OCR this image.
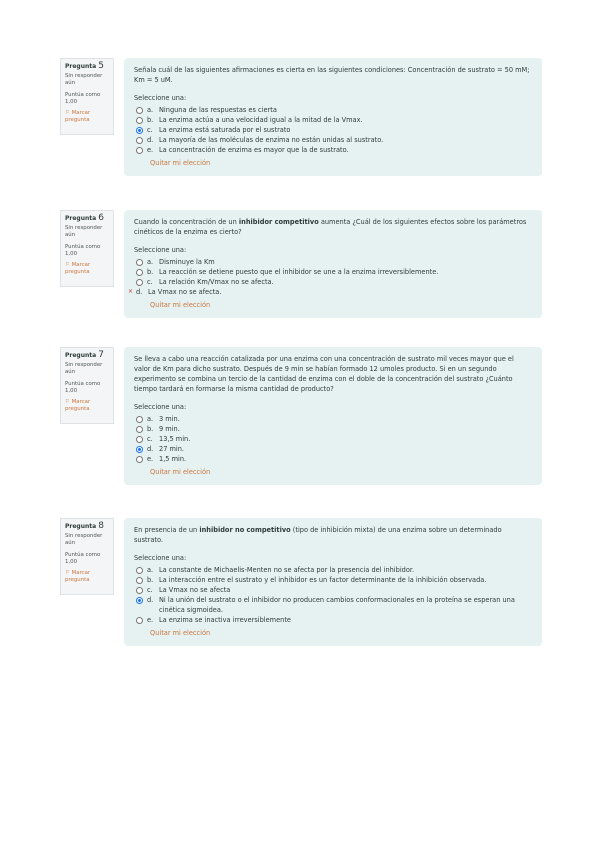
Pregunta 5
Sin responder aún
Puntúa como 1,00
⚐ Marcar pregunta
Señala cuál de las siguientes afirmaciones es cierta en las siguientes condiciones: Concentración de sustrato = 50 mM; Km = 5 uM.
Seleccione una:
a. Ninguna de las respuestas es cierta
b. La enzima actúa a una velocidad igual a la mitad de la Vmax.
c. La enzima está saturada por el sustrato
d. La mayoría de las moléculas de enzima no están unidas al sustrato.
e. La concentración de enzima es mayor que la de sustrato.
Quitar mi elección
Pregunta 6
Sin responder aún
Puntúa como 1,00
⚐ Marcar pregunta
Cuando la concentración de un inhibidor competitivo aumenta ¿Cuál de los siguientes efectos sobre los parámetros cinéticos de la enzima es cierto?
Seleccione una:
a. Disminuye la Km
b. La reacción se detiene puesto que el inhibidor se une a la enzima irreversiblemente.
c. La relación Km/Vmax no se afecta.
× d. La Vmax no se afecta.
Quitar mi elección
Pregunta 7
Sin responder aún
Puntúa como 1,00
⚐ Marcar pregunta
Se lleva a cabo una reacción catalizada por una enzima con una concentración de sustrato mil veces mayor que el valor de Km para dicho sustrato. Después de 9 min se habían formado 12 umoles producto. Si en un segundo experimento se combina un tercio de la cantidad de enzima con el doble de la concentración del sustrato ¿Cuánto tiempo tardará en formarse la misma cantidad de producto?
Seleccione una:
a. 3 min.
b. 9 min.
c. 13,5 min.
d. 27 min.
e. 1,5 min.
Quitar mi elección
Pregunta 8
Sin responder aún
Puntúa como 1,00
⚐ Marcar pregunta
En presencia de un inhibidor no competitivo (tipo de inhibición mixta) de una enzima sobre un determinado sustrato.
Seleccione una:
a. La constante de Michaelis-Menten no se afecta por la presencia del inhibidor.
b. La interacción entre el sustrato y el inhibidor es un factor determinante de la inhibición observada.
c. La Vmax no se afecta
d. Ni la unión del sustrato o el inhibidor no producen cambios conformacionales en la proteína se esperan una cinética sigmoidea.
e. La enzima se inactiva irreversiblemente
Quitar mi elección
